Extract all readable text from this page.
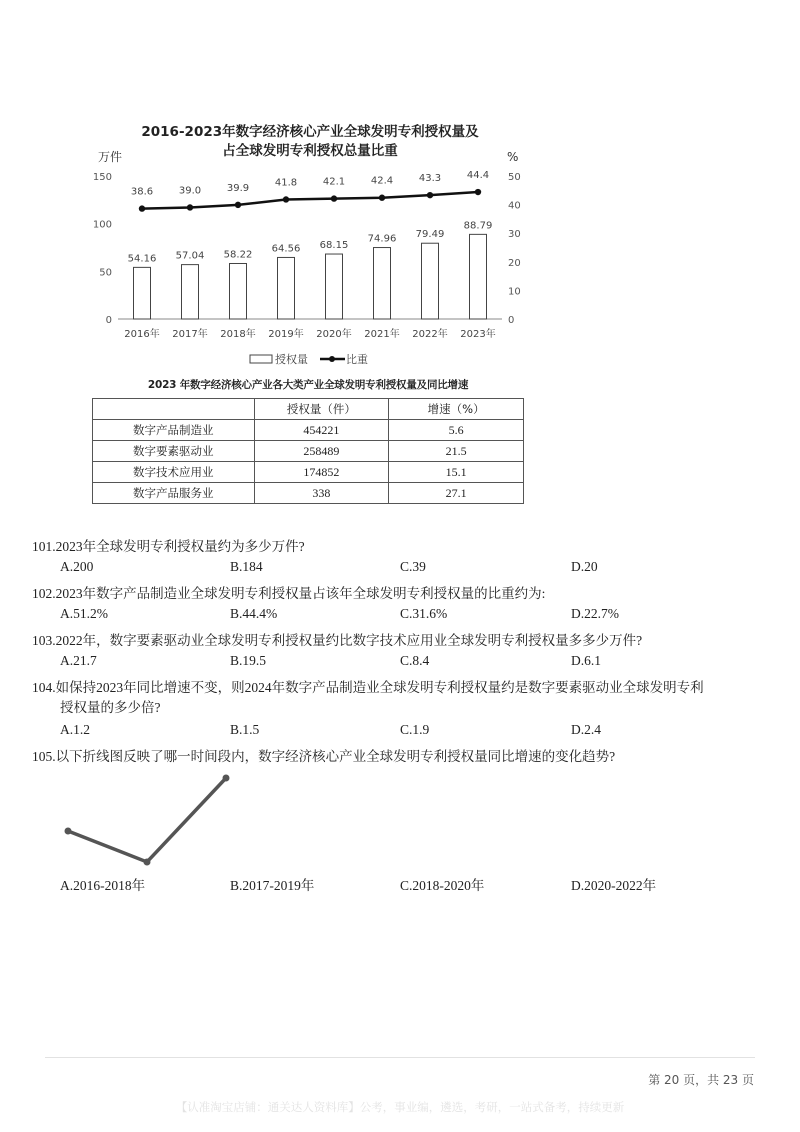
2016-2023年数字经济核心产业全球发明专利授权量及
占全球发明专利授权总量比重
万件	%
0
50
100
150
0
10
20
30
40
50
54.16
2016年
57.04
2017年
58.22
2018年
64.56
2019年
68.15
2020年
74.96
2021年
79.49
2022年
88.79
2023年
38.6	39.0	39.9	41.8	42.1	42.4	43.3	44.4
授权量	比重
2023 年数字经济核心产业各大类产业全球发明专利授权量及同比增速
	授权量（件）	增速（%）
数字产品制造业	454221	5.6
数字要素驱动业	258489	21.5
数字技术应用业	174852	15.1
数字产品服务业	338	27.1
101.2023年全球发明专利授权量约为多少万件?
A.200	B.184	C.39	D.20
102.2023年数字产品制造业全球发明专利授权量占该年全球发明专利授权量的比重约为:
A.51.2%	B.44.4%	C.31.6%	D.22.7%
103.2022年，数字要素驱动业全球发明专利授权量约比数字技术应用业全球发明专利授权量多多少万件?
A.21.7	B.19.5	C.8.4	D.6.1
104.如保持2023年同比增速不变，则2024年数字产品制造业全球发明专利授权量约是数字要素驱动业全球发明专利
授权量的多少倍?
A.1.2	B.1.5	C.1.9	D.2.4
105.以下折线图反映了哪一时间段内，数字经济核心产业全球发明专利授权量同比增速的变化趋势?
A.2016-2018年	B.2017-2019年	C.2018-2020年	D.2020-2022年
第 20 页，共 23 页
【认准淘宝店铺：通关达人资料库】公考，事业编，遴选，考研，一站式备考，持续更新
